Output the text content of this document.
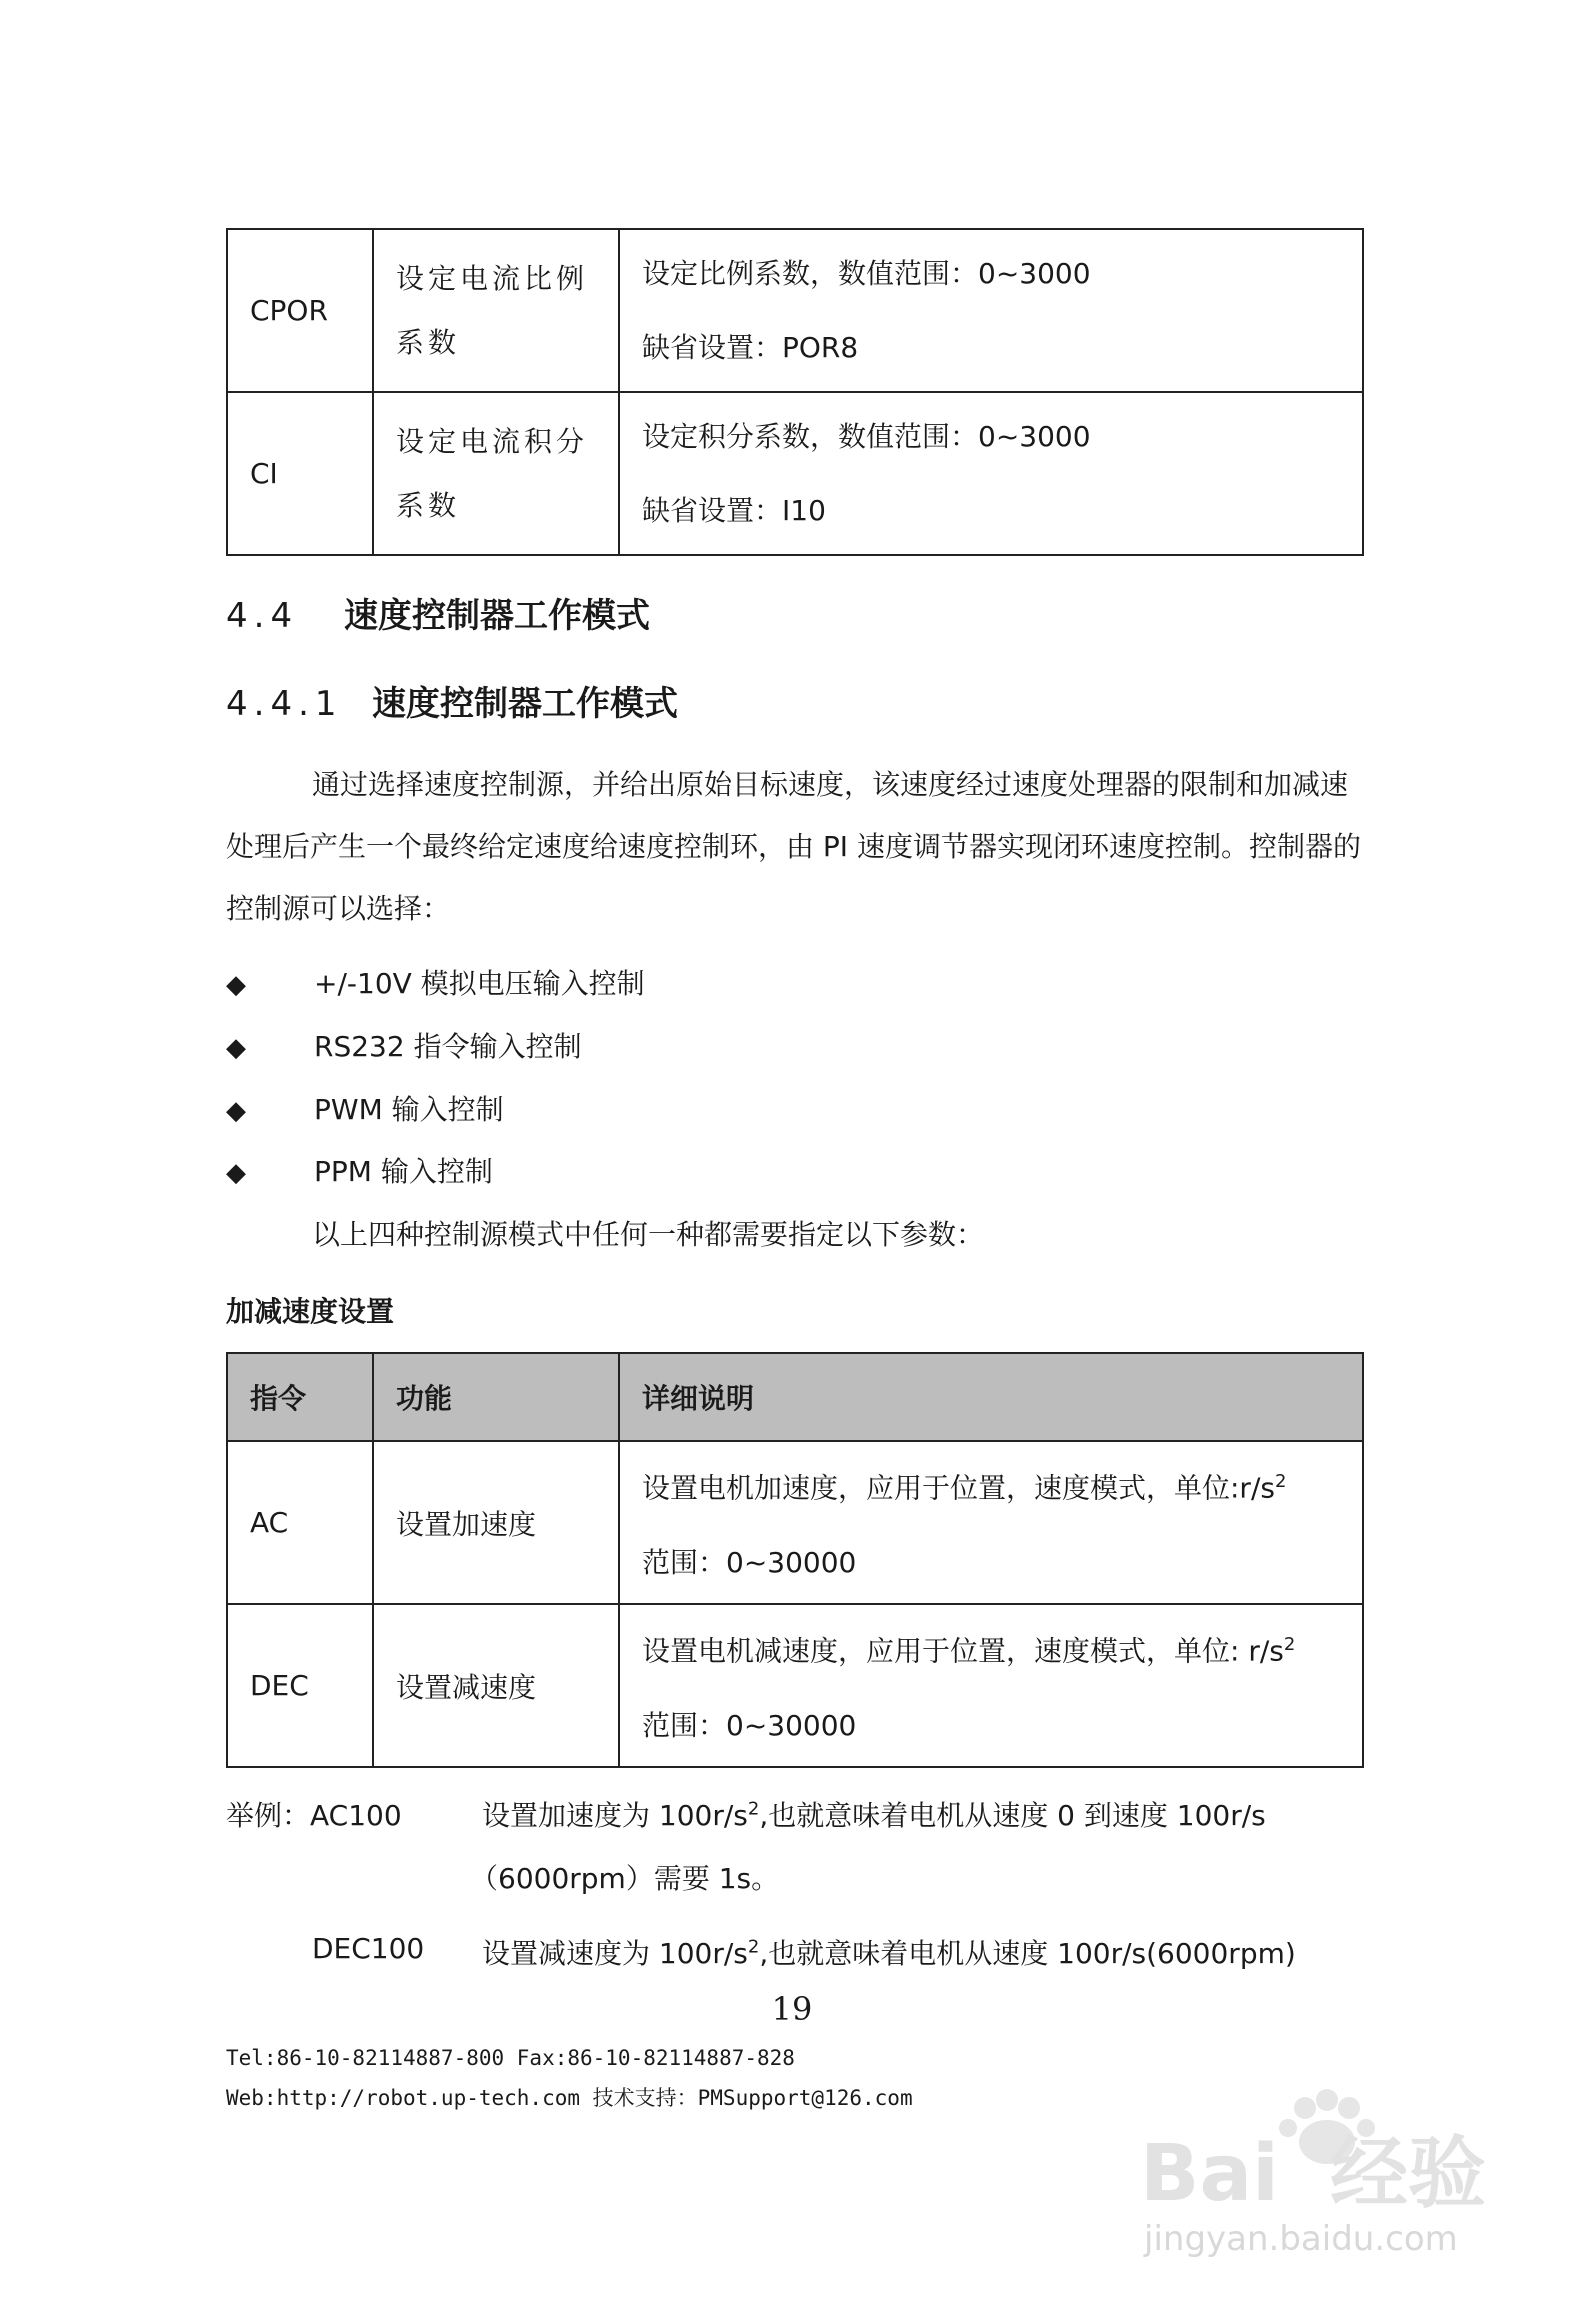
CPOR	设定电流比例系数	设定比例系数，数值范围：0~3000
缺省设置：POR8

CI	设定电流积分系数	设定积分系数，数值范围：0~3000
缺省设置：I10
4.4 速度控制器工作模式
4.4.1 速度控制器工作模式
通过选择速度控制源，并给出原始目标速度，该速度经过速度处理器的限制和加减速处理后产生一个最终给定速度给速度控制环，由 PI 速度调节器实现闭环速度控制。控制器的控制源可以选择：
◆ +/-10V 模拟电压输入控制
◆ RS232 指令输入控制
◆ PWM 输入控制
◆ PPM 输入控制
以上四种控制源模式中任何一种都需要指定以下参数：
加减速度设置
指令	功能	详细说明
AC	设置加速度	设置电机加速度，应用于位置，速度模式，单位$:r/s^2$
范围：0~30000

DEC	设置减速度	设置电机减速度，应用于位置，速度模式，单位: $r/s^2$
范围：0~30000
举例：AC100	设置加速度为 $100r/s^2$,也就意味着电机从速度 0 到速度 100r/s
（6000rpm）需要 1s。
DEC100 设置减速度为 $100r/s^2$,也就意味着电机从速度 100r/s(6000rpm)
19
Tel:86-10-82114887-800 Fax:86-10-82114887-828
Web:http://robot.up-tech.com 技术支持：PMSupport@126.com
Bai 经验
jingyan.baidu.com
